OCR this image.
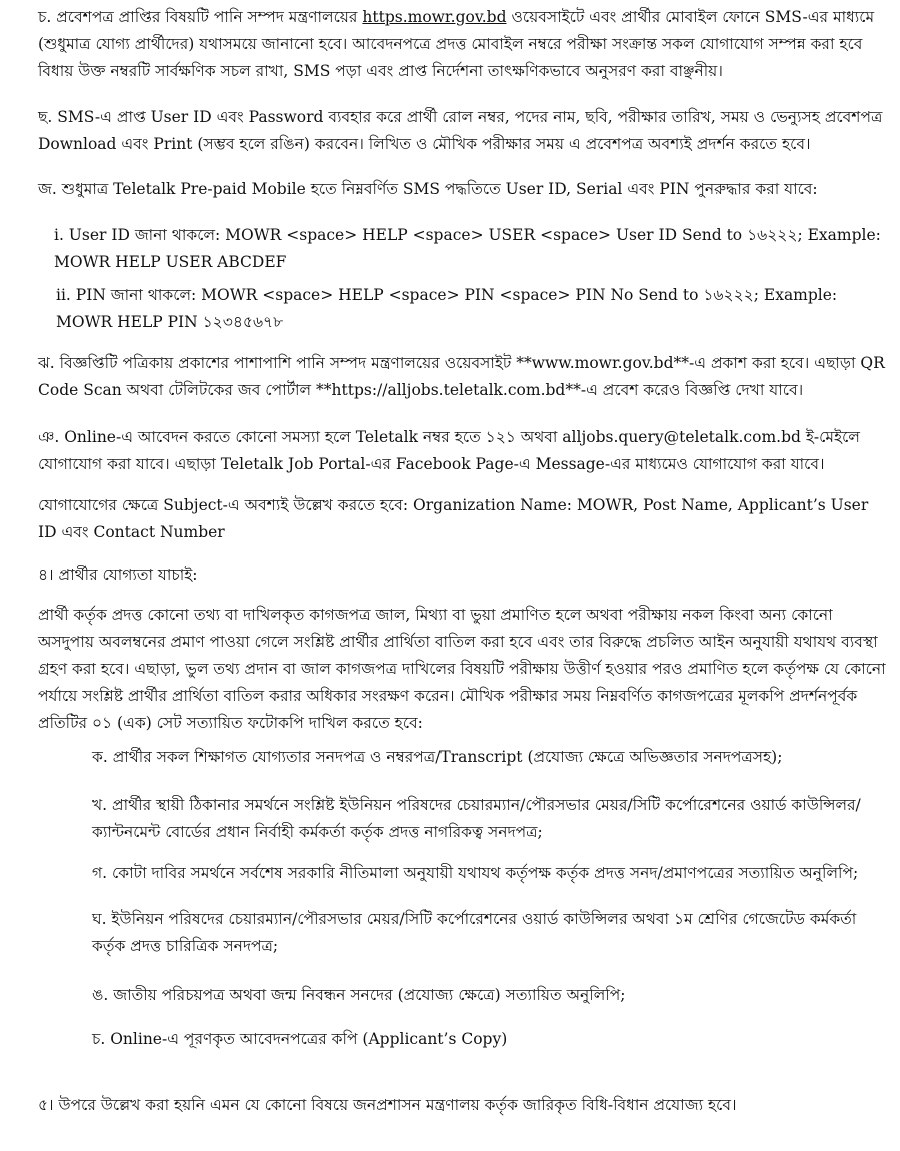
চ. প্রবেশপত্র প্রাপ্তির বিষয়টি পানি সম্পদ মন্ত্রণালয়ের https.mowr.gov.bd ওয়েবসাইটে এবং প্রার্থীর মোবাইল ফোনে SMS-এর মাধ্যমে (শুধুমাত্র যোগ্য প্রার্থীদের) যথাসময়ে জানানো হবে। আবেদনপত্রে প্রদত্ত মোবাইল নম্বরে পরীক্ষা সংক্রান্ত সকল যোগাযোগ সম্পন্ন করা হবে বিধায় উক্ত নম্বরটি সার্বক্ষণিক সচল রাখা, SMS পড়া এবং প্রাপ্ত নির্দেশনা তাৎক্ষণিকভাবে অনুসরণ করা বাঞ্ছনীয়।

ছ. SMS-এ প্রাপ্ত User ID এবং Password ব্যবহার করে প্রার্থী রোল নম্বর, পদের নাম, ছবি, পরীক্ষার তারিখ, সময় ও ভেন্যুসহ প্রবেশপত্র Download এবং Print (সম্ভব হলে রঙিন) করবেন। লিখিত ও মৌখিক পরীক্ষার সময় এ প্রবেশপত্র অবশ্যই প্রদর্শন করতে হবে।

জ. শুধুমাত্র Teletalk Pre-paid Mobile হতে নিম্নবর্ণিত SMS পদ্ধতিতে User ID, Serial এবং PIN পুনরুদ্ধার করা যাবে:

i. User ID জানা থাকলে: MOWR <space> HELP <space> USER <space> User ID Send to ১৬২২২; Example: MOWR HELP USER ABCDEF

ii. PIN জানা থাকলে: MOWR <space> HELP <space> PIN <space> PIN No Send to ১৬২২২; Example: MOWR HELP PIN ১২৩৪৫৬৭৮

ঝ. বিজ্ঞপ্তিটি পত্রিকায় প্রকাশের পাশাপাশি পানি সম্পদ মন্ত্রণালয়ের ওয়েবসাইট **www.mowr.gov.bd**-এ প্রকাশ করা হবে। এছাড়া QR Code Scan অথবা টেলিটকের জব পোর্টাল **https://alljobs.teletalk.com.bd**-এ প্রবেশ করেও বিজ্ঞপ্তি দেখা যাবে।

ঞ. Online-এ আবেদন করতে কোনো সমস্যা হলে Teletalk নম্বর হতে ১২১ অথবা alljobs.query@teletalk.com.bd ই-মেইলে যোগাযোগ করা যাবে। এছাড়া Teletalk Job Portal-এর Facebook Page-এ Message-এর মাধ্যমেও যোগাযোগ করা যাবে।

যোগাযোগের ক্ষেত্রে Subject-এ অবশ্যই উল্লেখ করতে হবে: Organization Name: MOWR, Post Name, Applicant’s User ID এবং Contact Number

৪। প্রার্থীর যোগ্যতা যাচাই:

প্রার্থী কর্তৃক প্রদত্ত কোনো তথ্য বা দাখিলকৃত কাগজপত্র জাল, মিথ্যা বা ভুয়া প্রমাণিত হলে অথবা পরীক্ষায় নকল কিংবা অন্য কোনো অসদুপায় অবলম্বনের প্রমাণ পাওয়া গেলে সংশ্লিষ্ট প্রার্থীর প্রার্থিতা বাতিল করা হবে এবং তার বিরুদ্ধে প্রচলিত আইন অনুযায়ী যথাযথ ব্যবস্থা গ্রহণ করা হবে। এছাড়া, ভুল তথ্য প্রদান বা জাল কাগজপত্র দাখিলের বিষয়টি পরীক্ষায় উত্তীর্ণ হওয়ার পরও প্রমাণিত হলে কর্তৃপক্ষ যে কোনো পর্যায়ে সংশ্লিষ্ট প্রার্থীর প্রার্থিতা বাতিল করার অধিকার সংরক্ষণ করেন। মৌখিক পরীক্ষার সময় নিম্নবর্ণিত কাগজপত্রের মূলকপি প্রদর্শনপূর্বক প্রতিটির ০১ (এক) সেট সত্যায়িত ফটোকপি দাখিল করতে হবে:

ক. প্রার্থীর সকল শিক্ষাগত যোগ্যতার সনদপত্র ও নম্বরপত্র/Transcript (প্রযোজ্য ক্ষেত্রে অভিজ্ঞতার সনদপত্রসহ);

খ. প্রার্থীর স্থায়ী ঠিকানার সমর্থনে সংশ্লিষ্ট ইউনিয়ন পরিষদের চেয়ারম্যান/পৌরসভার মেয়র/সিটি কর্পোরেশনের ওয়ার্ড কাউন্সিলর/ক্যান্টনমেন্ট বোর্ডের প্রধান নির্বাহী কর্মকর্তা কর্তৃক প্রদত্ত নাগরিকত্ব সনদপত্র;

গ. কোটা দাবির সমর্থনে সর্বশেষ সরকারি নীতিমালা অনুযায়ী যথাযথ কর্তৃপক্ষ কর্তৃক প্রদত্ত সনদ/প্রমাণপত্রের সত্যায়িত অনুলিপি;

ঘ. ইউনিয়ন পরিষদের চেয়ারম্যান/পৌরসভার মেয়র/সিটি কর্পোরেশনের ওয়ার্ড কাউন্সিলর অথবা ১ম শ্রেণির গেজেটেড কর্মকর্তা কর্তৃক প্রদত্ত চারিত্রিক সনদপত্র;

ঙ. জাতীয় পরিচয়পত্র অথবা জন্ম নিবন্ধন সনদের (প্রযোজ্য ক্ষেত্রে) সত্যায়িত অনুলিপি;

চ. Online-এ পূরণকৃত আবেদনপত্রের কপি (Applicant’s Copy)

৫। উপরে উল্লেখ করা হয়নি এমন যে কোনো বিষয়ে জনপ্রশাসন মন্ত্রণালয় কর্তৃক জারিকৃত বিধি-বিধান প্রযোজ্য হবে।
